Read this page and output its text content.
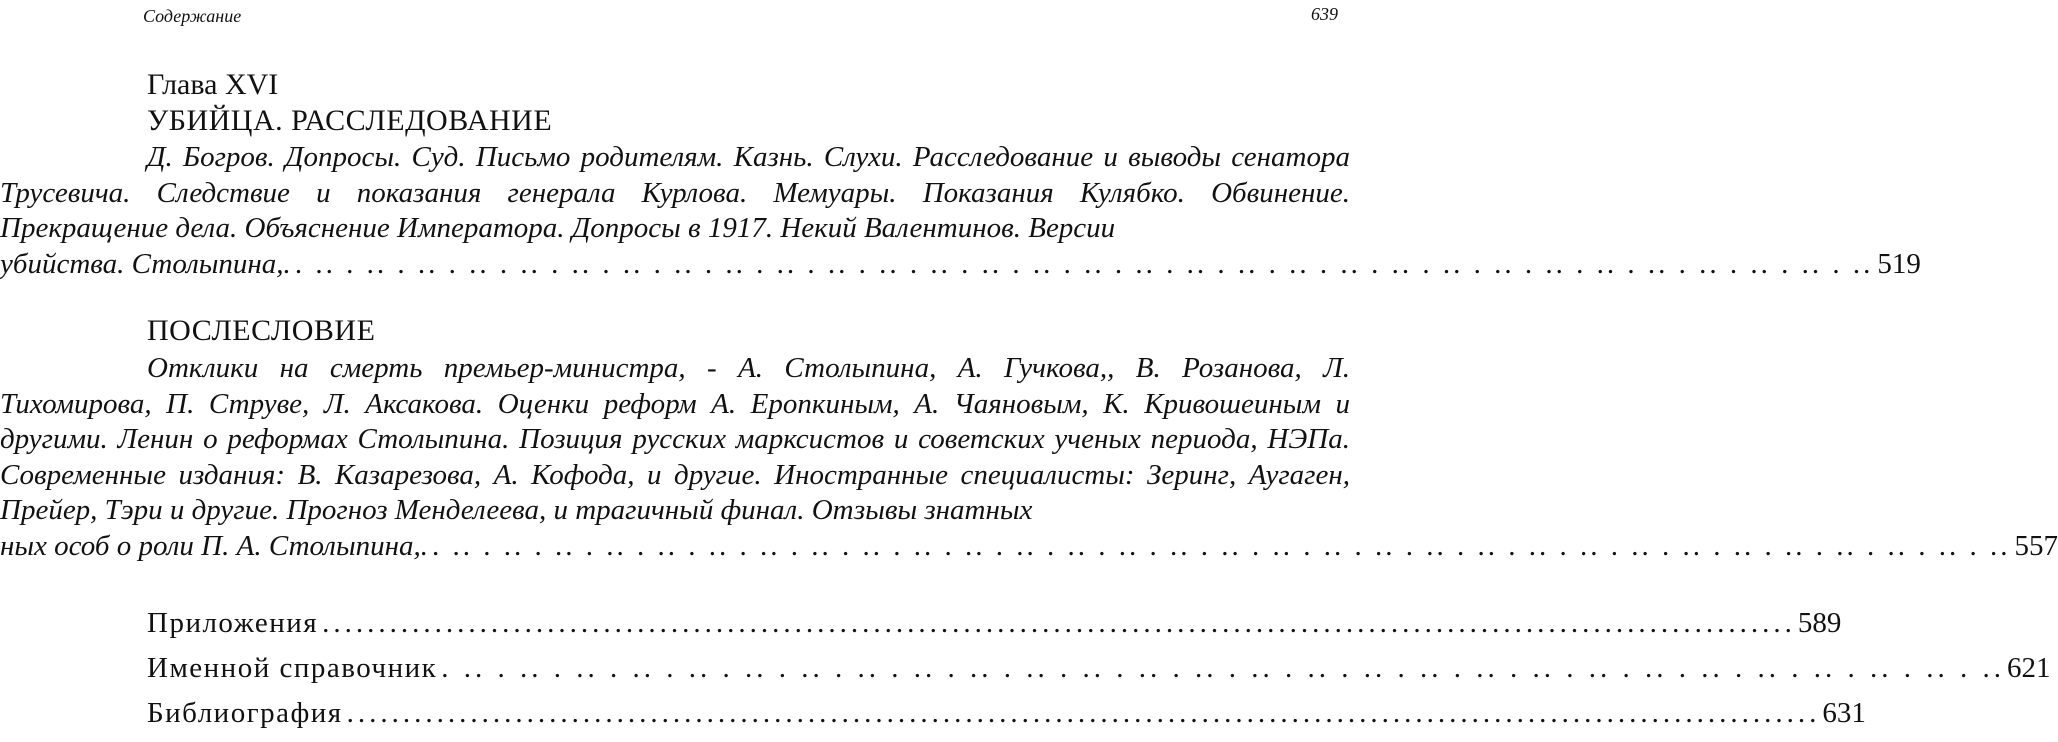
Содержание	639
Глава XVI
УБИЙЦА. РАССЛЕДОВАНИЕ
Д. Богров. Допросы. Суд. Письмо родителям. Казнь. Слухи. Расследование и выводы сенатора Трусевича. Следствие и показания генерала Курлова. Мемуары. Показания Кулябко. Обвинение. Прекращение дела. Объяснение Императора. Допросы в 1917. Некий Валентинов. Версии
убийства. Столыпина,. . .. . .. . .. . .. . .. . .. . .. . .. . .. . .. . .. . .. . .. . .. . .. . .. . .. . .. . .. . .. . .. . .. . .. . .. . .. . .. . .. . .. . .. . .. . .. 519
ПОСЛЕСЛОВИЕ
Отклики на смерть премьер-министра, - А. Столыпина, А. Гучкова,, В. Розанова, Л. Тихомирова, П. Струве, Л. Аксакова. Оценки реформ А. Еропкиным, А. Чаяновым, К. Кривошеиным и другими. Ленин о реформах Столыпина. Позиция русских марксистов и советских ученых периода, НЭПа. Современные издания: В. Казарезова, А. Кофода, и другие. Иностранные специалисты: Зеринг, Аугаген, Прейер, Тэри и другие. Прогноз Менделеева, и трагичный финал. Отзывы знатных
ных особ о роли П. А. Столыпина,. . .. . .. . .. . .. . .. . .. . .. . .. . .. . .. . .. . .. . .. . .. . .. . .. . .. . .. . .. . .. . .. . .. . .. . .. . .. . .. . .. . .. . .. . .. . .. 557
Приложения ................................................................................................................................... 589
Именной справочник . .. . .. . .. . .. . .. . .. . .. . .. . .. . .. . .. . .. . .. . .. . .. . .. . .. . .. . .. . .. . .. . .. . .. . .. . .. . .. . .. . .. 621
Библиография ................................................................................................................................... 631
